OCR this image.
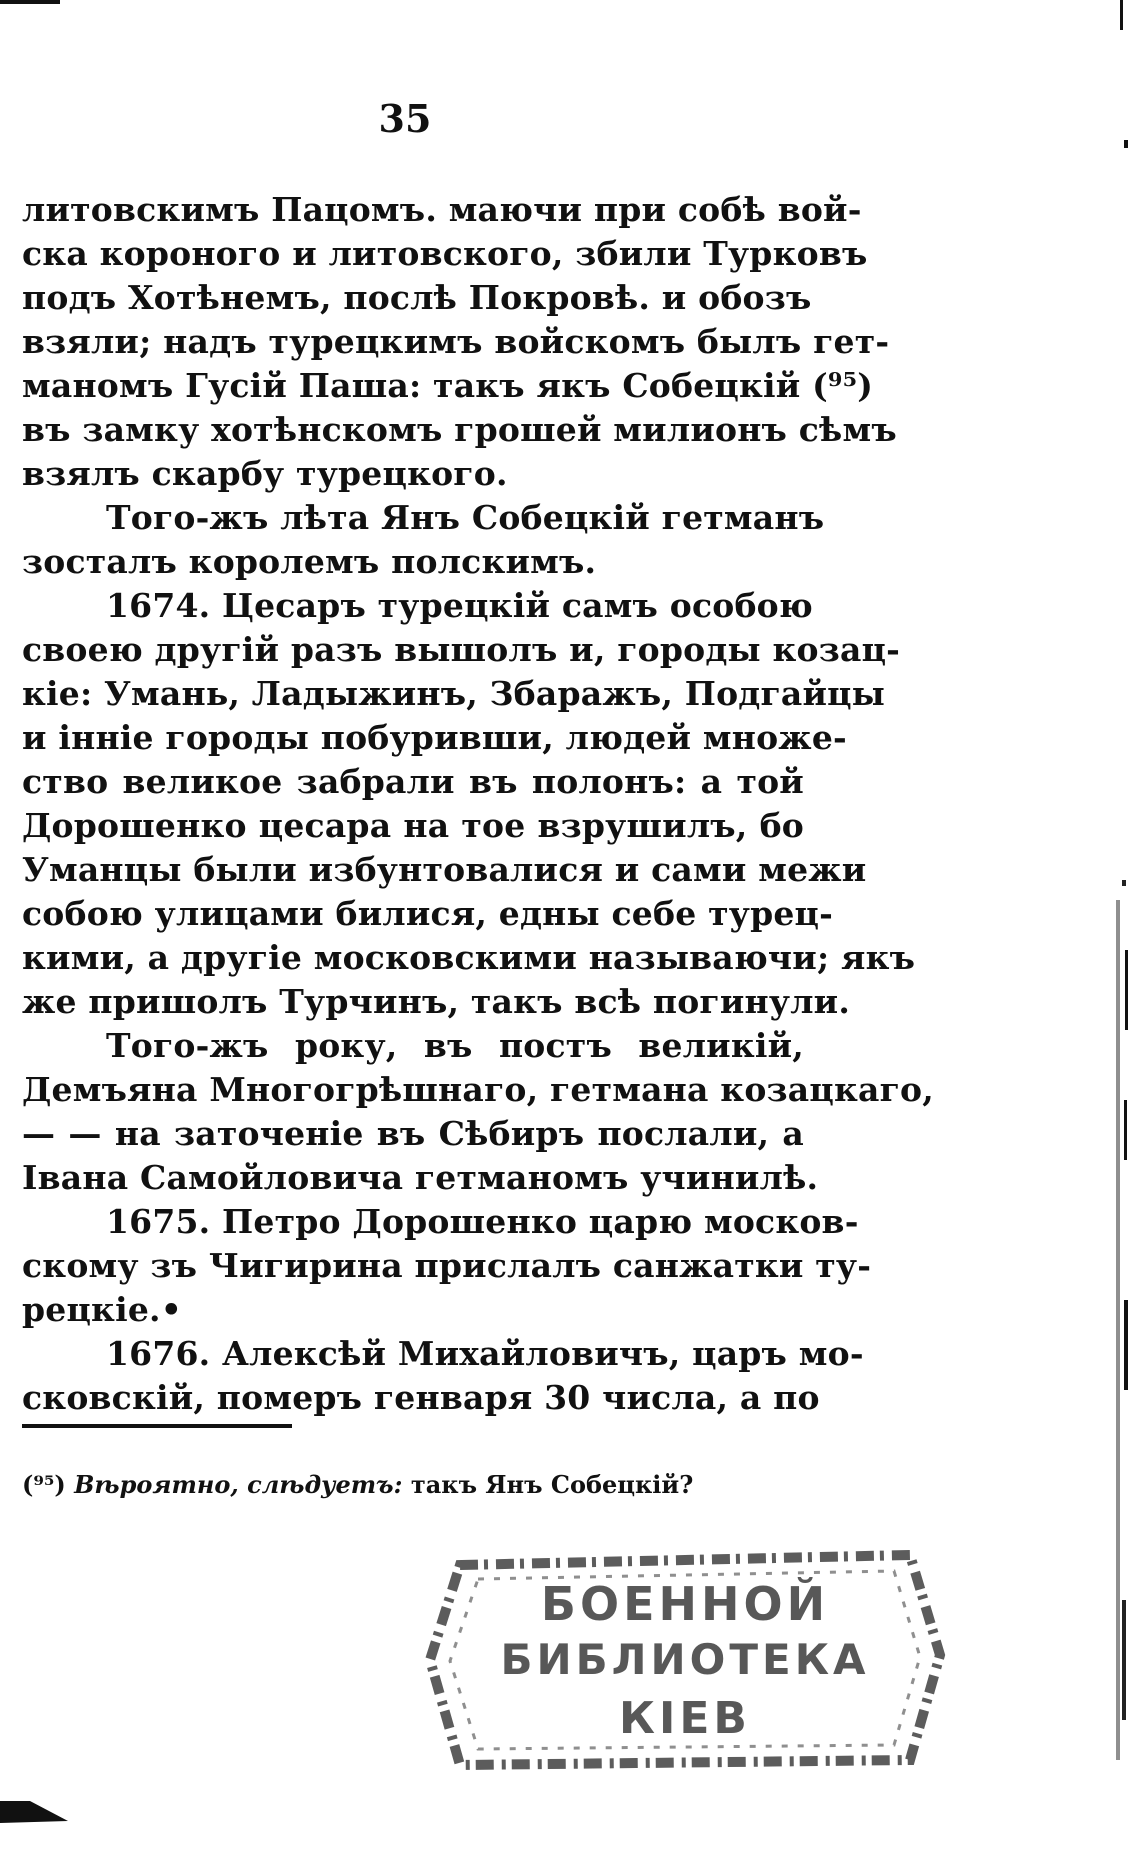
35
литовскимъ Пацомъ. маючи при собѣ вой-
ска короного и литовского, збили Турковъ
подъ Хотѣнемъ, послѣ Покровѣ. и обозъ
взяли; надъ турецкимъ войскомъ былъ гет-
маномъ Гусій Паша: такъ якъ Собецкій (⁹⁵)
въ замку хотѣнскомъ грошей милионъ сѣмъ
взялъ скарбу турецкого.
Того-жъ лѣта Янъ Собецкій гетманъ
зосталъ королемъ полскимъ.
1674. Цесаръ турецкій самъ особою
своею другій разъ вышолъ и, городы козац-
кіе: Умань, Ладыжинъ, Збаражъ, Подгайцы
и інніе городы побуривши, людей множе-
ство великое забрали въ полонъ: а той
Дорошенко цесара на тое взрушилъ, бо
Уманцы были избунтовалися и сами межи
собою улицами билися, едны себе турец-
кими, а другіе московскими называючи; якъ
же пришолъ Турчинъ, такъ всѣ погинули.
Того-жъ року, въ постъ великій,
Демъяна Многогрѣшнаго, гетмана козацкаго,
— — на заточеніе въ Сѣбиръ послали, а
Івана Самойловича гетманомъ учинилѣ.
1675. Петро Дорошенко царю москов-
скому зъ Чигирина прислалъ санжатки ту-
рецкіе.•
1676. Алексѣй Михайловичъ, царъ мо-
сковскій, померъ генваря 30 числа, а по
(⁹⁵) Вѣроятно, слѣдуетъ: такъ Янъ Собецкій?
БОЕННОЙ
БИБЛИОТЕКА
КІЕВ
